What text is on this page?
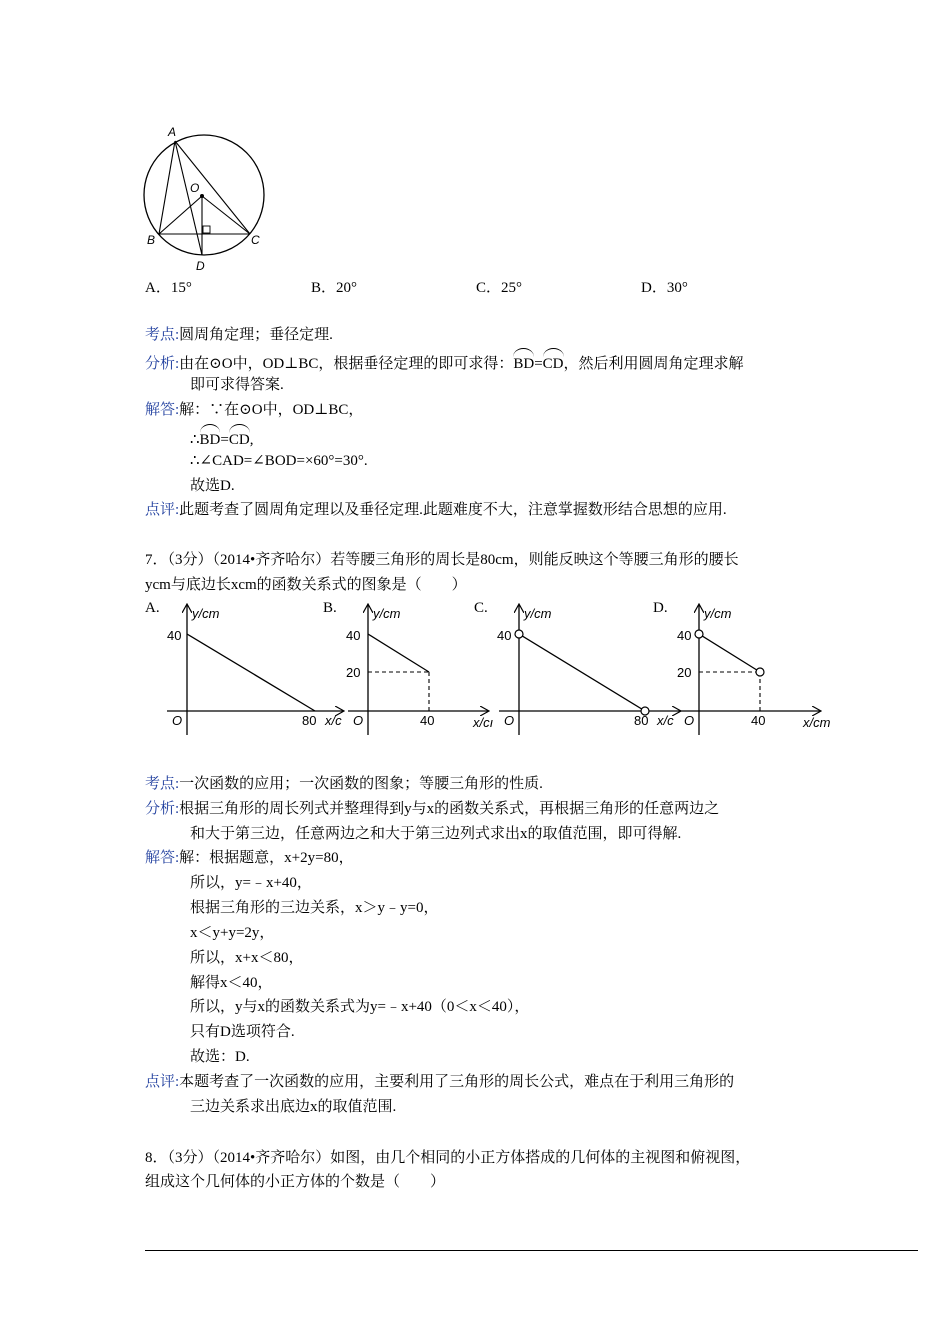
A
O
B	C
D
A．15°	B．20°	C．25°	D．30°
考点:圆周角定理；垂径定理.
分析:由在⊙O中，OD⊥BC，根据垂径定理的即可求得：BD=CD，然后利用圆周角定理求解
即可求得答案.
解答:解：∵在⊙O中，OD⊥BC，
∴BD=CD,
∴∠CAD=∠BOD=×60°=30°.
故选D.
点评:此题考查了圆周角定理以及垂径定理.此题难度不大，注意掌握数形结合思想的应用.
7．（3分）（2014•齐齐哈尔）若等腰三角形的周长是80cm，则能反映这个等腰三角形的腰长
ycm与底边长xcm的函数关系式的图象是（　　）
A.	B.	C.	D.
y/cm
40
O	80 x/c
y/cm
40
20
O	40	x/cı
y/cm
40
O	80 x/c
y/cm
40
20
O	40	x/cm
考点:一次函数的应用；一次函数的图象；等腰三角形的性质.
分析:根据三角形的周长列式并整理得到y与x的函数关系式，再根据三角形的任意两边之
和大于第三边，任意两边之和大于第三边列式求出x的取值范围，即可得解.
解答:解：根据题意，x+2y=80，
所以，y=﹣x+40，
根据三角形的三边关系，x＞y﹣y=0，
x＜y+y=2y，
所以，x+x＜80，
解得x＜40，
所以，y与x的函数关系式为y=﹣x+40（0＜x＜40），
只有D选项符合.
故选：D.
点评:本题考查了一次函数的应用，主要利用了三角形的周长公式，难点在于利用三角形的
三边关系求出底边x的取值范围.
8．（3分）（2014•齐齐哈尔）如图，由几个相同的小正方体搭成的几何体的主视图和俯视图，
组成这个几何体的小正方体的个数是（　　）
